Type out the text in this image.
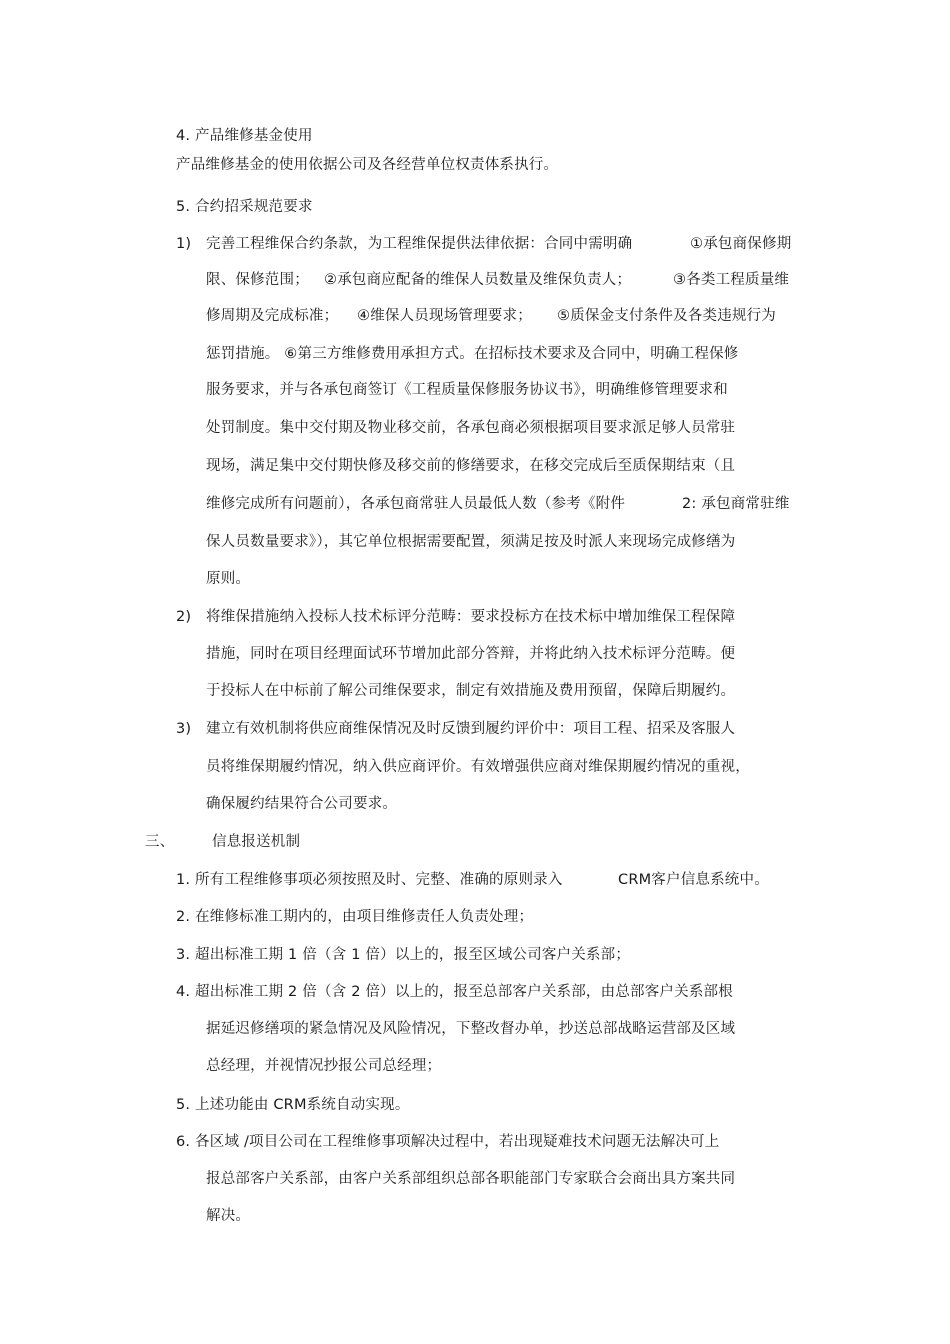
4. 产品维修基金使用
产品维修基金的使用依据公司及各经营单位权责体系执行。
5. 合约招采规范要求
1) 完善工程维保合约条款，为工程维保提供法律依据：合同中需明确	①承包商保修期
限、保修范围； ②承包商应配备的维保人员数量及维保负责人；	③各类工程质量维
修周期及完成标准； ④维保人员现场管理要求； ⑤质保金支付条件及各类违规行为
惩罚措施。 ⑥第三方维修费用承担方式。在招标技术要求及合同中，明确工程保修
服务要求，并与各承包商签订《工程质量保修服务协议书》，明确维修管理要求和
处罚制度。集中交付期及物业移交前，各承包商必须根据项目要求派足够人员常驻
现场，满足集中交付期快修及移交前的修缮要求，在移交完成后至质保期结束（且
维修完成所有问题前），各承包商常驻人员最低人数（参考《附件	2: 承包商常驻维
保人员数量要求》），其它单位根据需要配置，须满足按及时派人来现场完成修缮为
原则。
2) 将维保措施纳入投标人技术标评分范畴：要求投标方在技术标中增加维保工程保障
措施，同时在项目经理面试环节增加此部分答辩，并将此纳入技术标评分范畴。便
于投标人在中标前了解公司维保要求，制定有效措施及费用预留，保障后期履约。
3) 建立有效机制将供应商维保情况及时反馈到履约评价中：项目工程、招采及客服人
员将维保期履约情况，纳入供应商评价。有效增强供应商对维保期履约情况的重视，
确保履约结果符合公司要求。
三、	信息报送机制
1. 所有工程维修事项必须按照及时、完整、准确的原则录入	CRM客户信息系统中。
2. 在维修标准工期内的，由项目维修责任人负责处理；
3. 超出标准工期 1 倍（含 1 倍）以上的，报至区域公司客户关系部；
4. 超出标准工期 2 倍（含 2 倍）以上的，报至总部客户关系部，由总部客户关系部根
据延迟修缮项的紧急情况及风险情况，下整改督办单，抄送总部战略运营部及区域
总经理，并视情况抄报公司总经理；
5. 上述功能由 CRM系统自动实现。
6. 各区域 /项目公司在工程维修事项解决过程中，若出现疑难技术问题无法解决可上
报总部客户关系部，由客户关系部组织总部各职能部门专家联合会商出具方案共同
解决。
